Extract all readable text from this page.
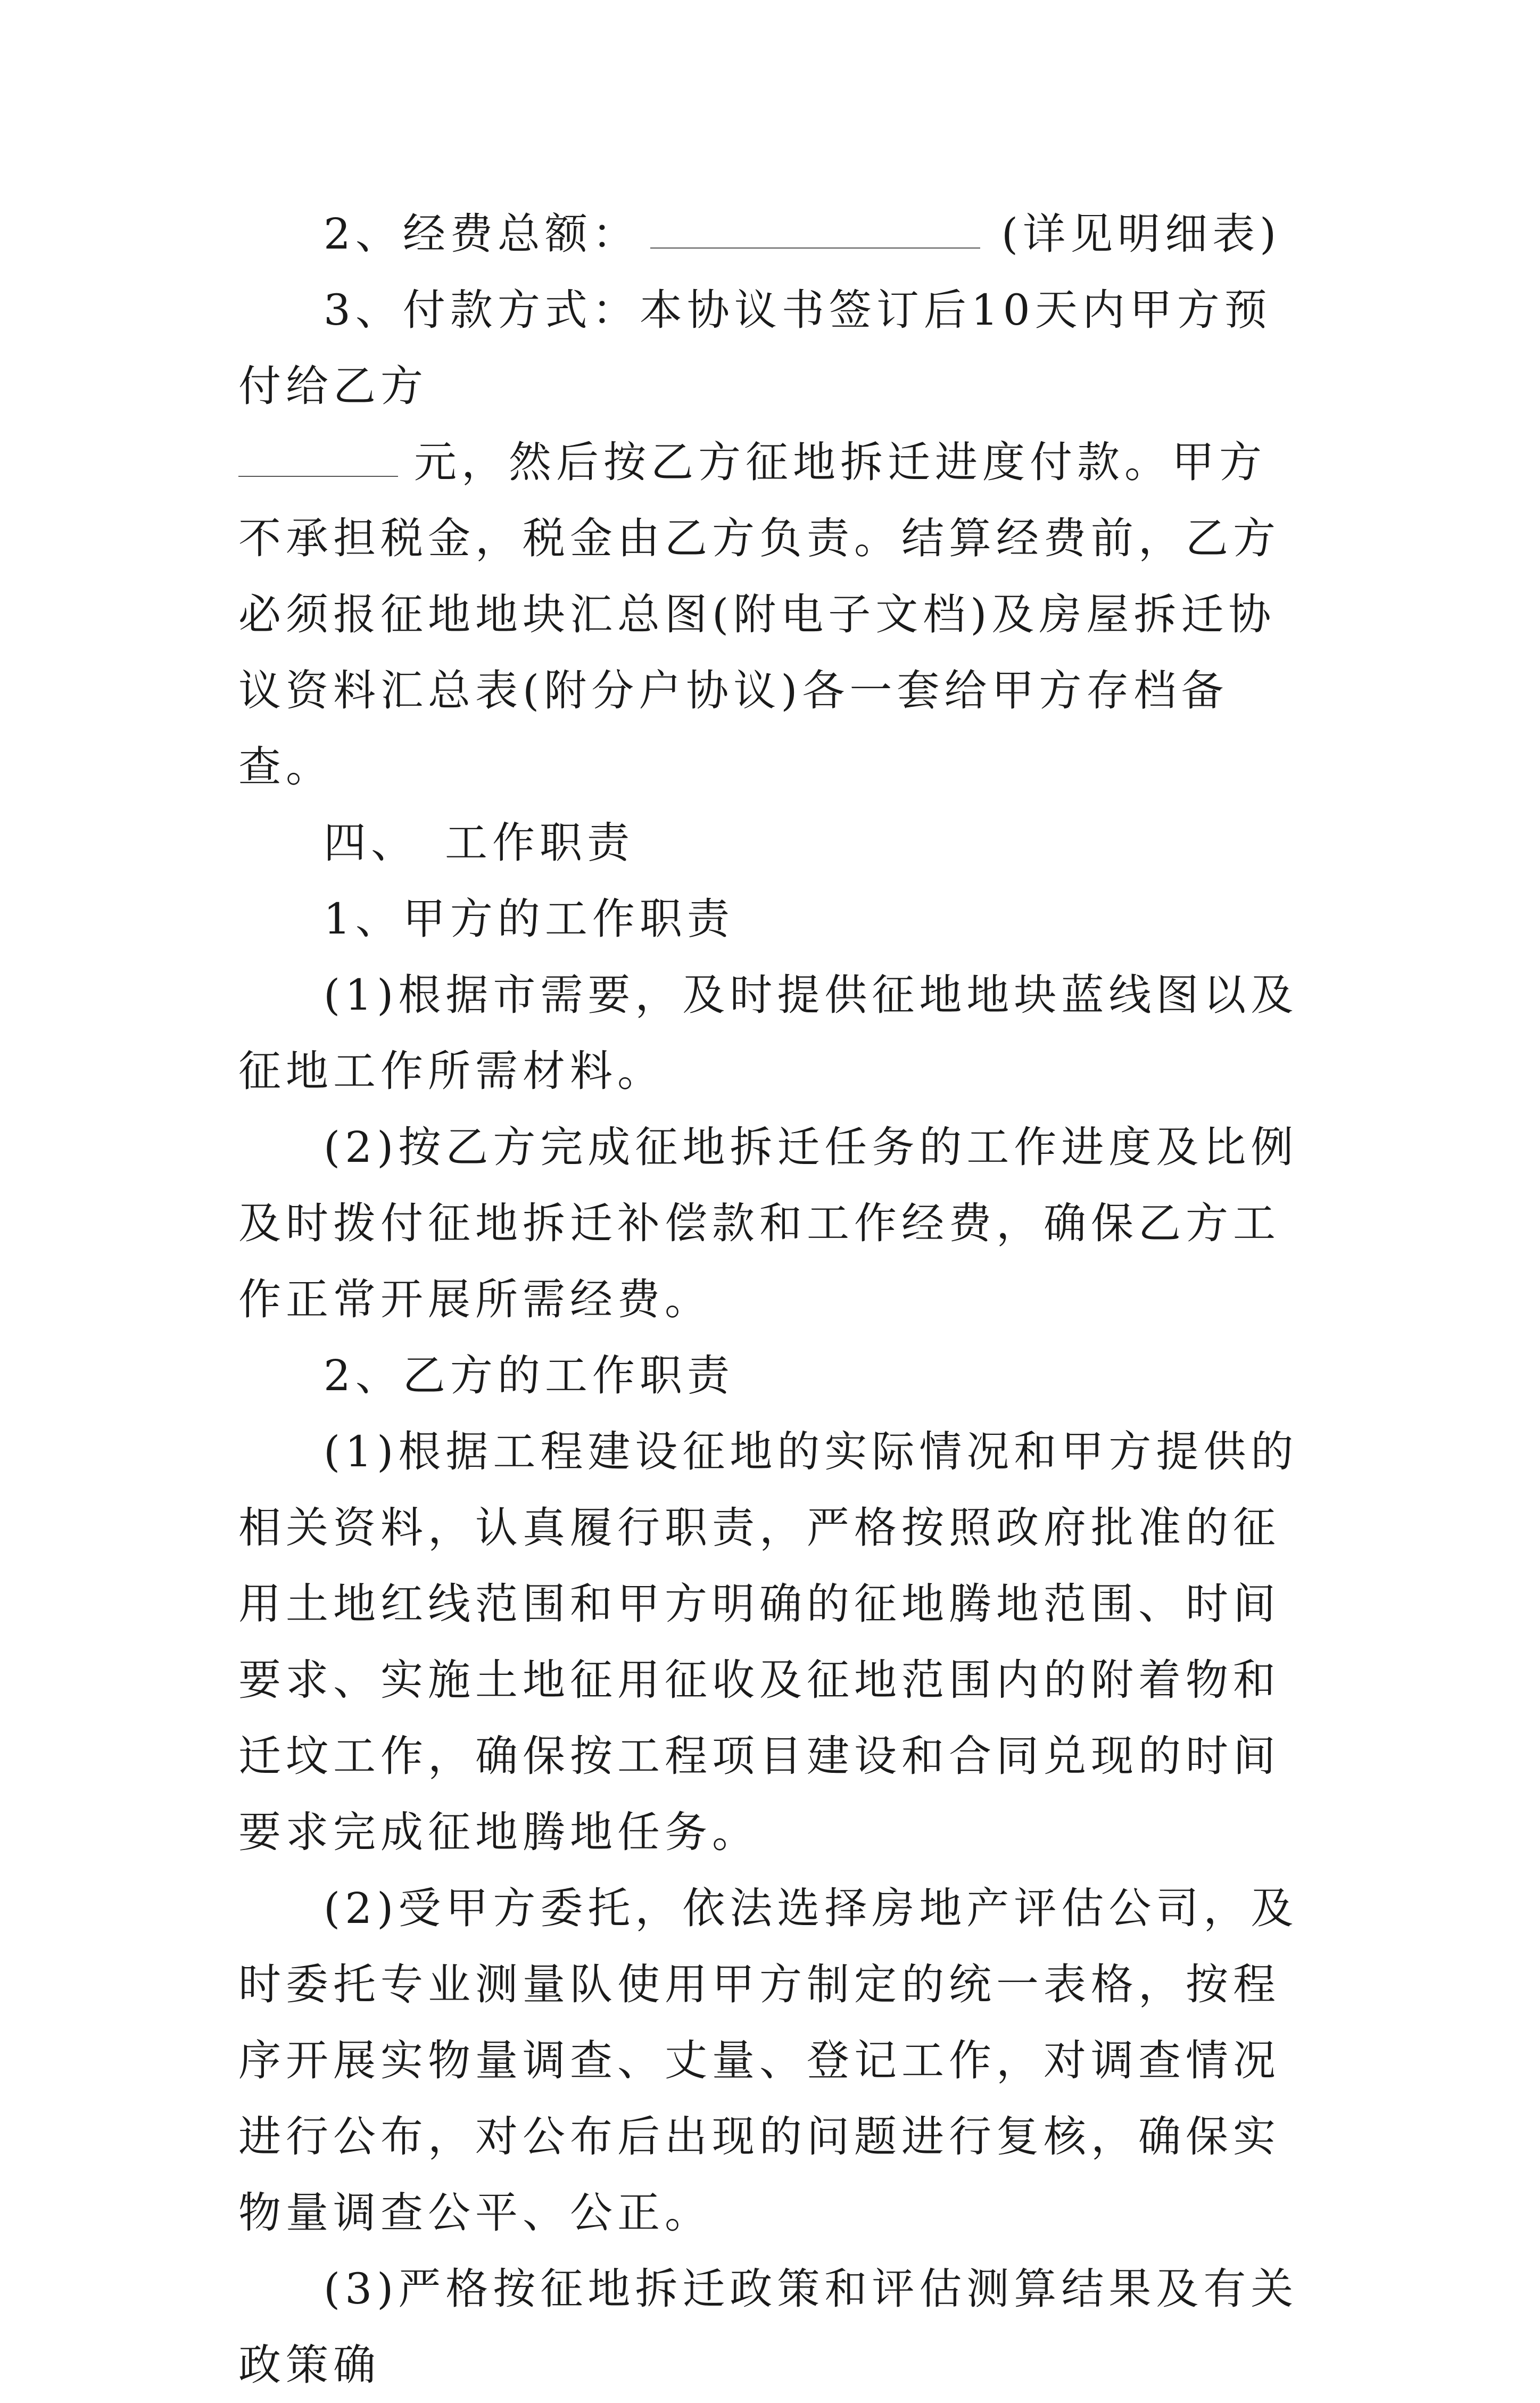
2、经费总额：	(详见明细表)

3、付款方式：本协议书签订后10天内甲方预付给乙方
元，然后按乙方征地拆迁进度付款。甲方不承担税金，税金由乙方负责。结算经费前，乙方必须报征地地块汇总图(附电子文档)及房屋拆迁协议资料汇总表(附分户协议)各一套给甲方存档备查。

四、 工作职责

1、甲方的工作职责

(1)根据市需要，及时提供征地地块蓝线图以及征地工作所需材料。

(2)按乙方完成征地拆迁任务的工作进度及比例及时拨付征地拆迁补偿款和工作经费，确保乙方工作正常开展所需经费。

2、乙方的工作职责

(1)根据工程建设征地的实际情况和甲方提供的相关资料，认真履行职责，严格按照政府批准的征用土地红线范围和甲方明确的征地腾地范围、时间要求、实施土地征用征收及征地范围内的附着物和迁坟工作，确保按工程项目建设和合同兑现的时间要求完成征地腾地任务。

(2)受甲方委托，依法选择房地产评估公司，及时委托专业测量队使用甲方制定的统一表格，按程序开展实物量调查、丈量、登记工作，对调查情况进行公布，对公布后出现的问题进行复核，确保实物量调查公平、公正。

(3)严格按征地拆迁政策和评估测算结果及有关政策确
